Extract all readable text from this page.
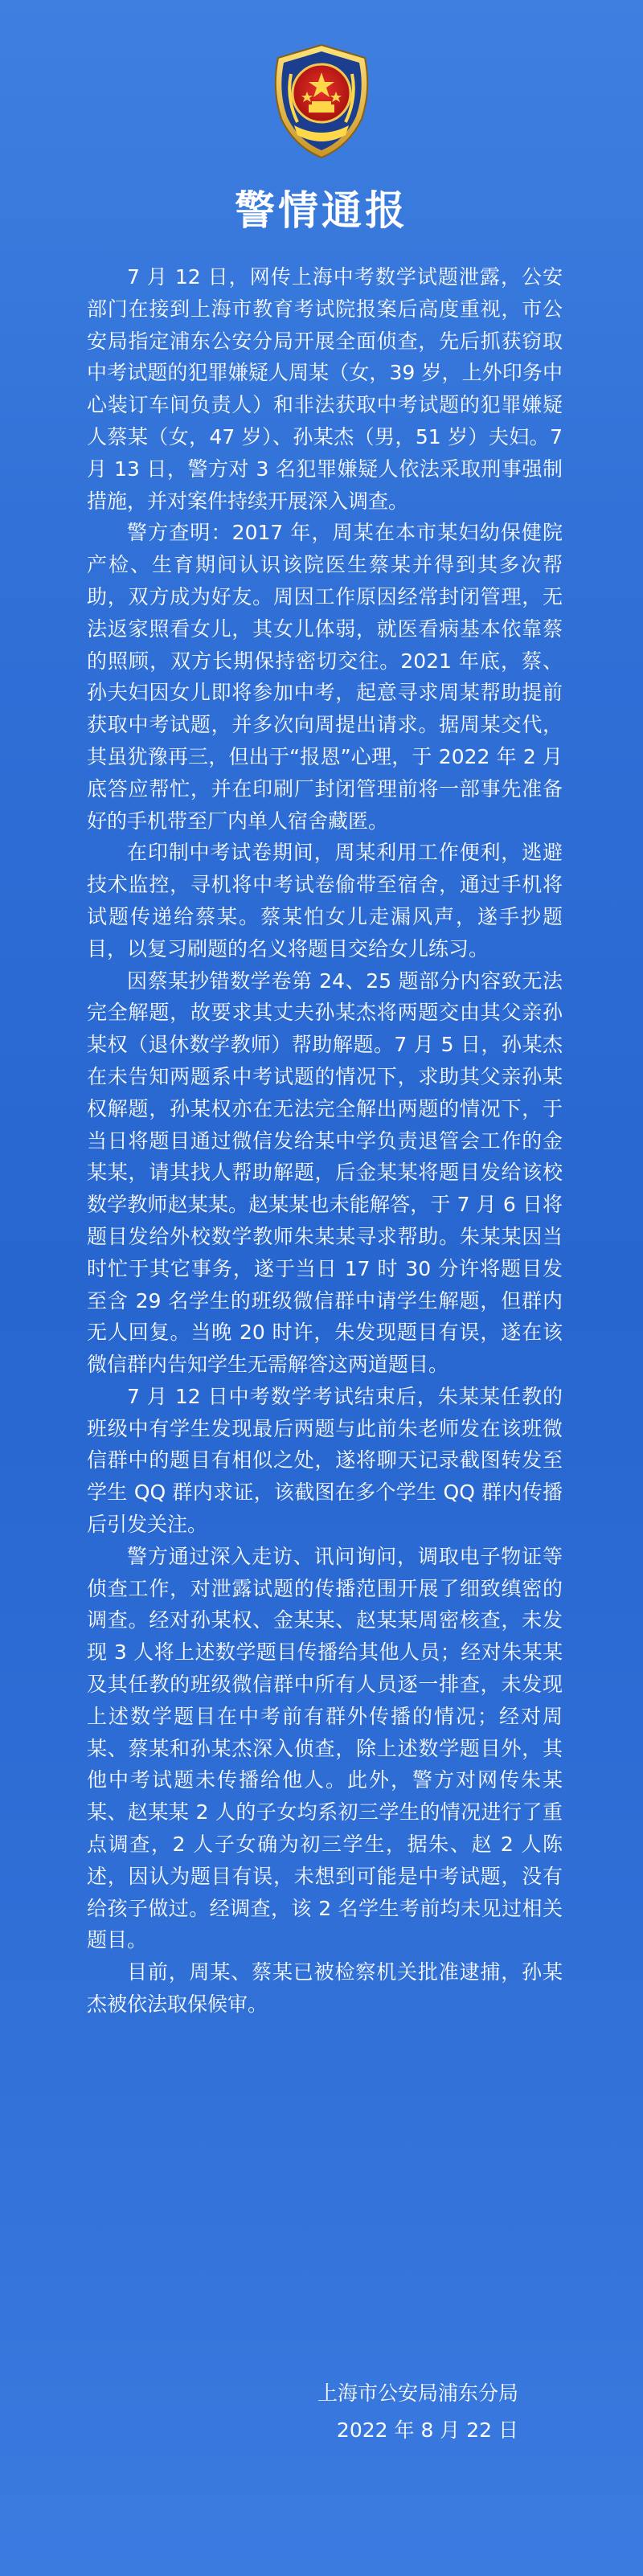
警情通报

7 月 12 日，网传上海中考数学试题泄露，公安部门在接到上海市教育考试院报案后高度重视，市公安局指定浦东公安分局开展全面侦查，先后抓获窃取中考试题的犯罪嫌疑人周某（女，39 岁，上外印务中心装订车间负责人）和非法获取中考试题的犯罪嫌疑人蔡某（女，47 岁）、孙某杰（男，51 岁）夫妇。7 月 13 日，警方对 3 名犯罪嫌疑人依法采取刑事强制措施，并对案件持续开展深入调查。

警方查明：2017 年，周某在本市某妇幼保健院产检、生育期间认识该院医生蔡某并得到其多次帮助，双方成为好友。周因工作原因经常封闭管理，无法返家照看女儿，其女儿体弱，就医看病基本依靠蔡的照顾，双方长期保持密切交往。2021 年底，蔡、孙夫妇因女儿即将参加中考，起意寻求周某帮助提前获取中考试题，并多次向周提出请求。据周某交代，其虽犹豫再三，但出于“报恩”心理，于 2022 年 2 月底答应帮忙，并在印刷厂封闭管理前将一部事先准备好的手机带至厂内单人宿舍藏匿。

在印制中考试卷期间，周某利用工作便利，逃避技术监控，寻机将中考试卷偷带至宿舍，通过手机将试题传递给蔡某。蔡某怕女儿走漏风声，遂手抄题目，以复习刷题的名义将题目交给女儿练习。

因蔡某抄错数学卷第 24、25 题部分内容致无法完全解题，故要求其丈夫孙某杰将两题交由其父亲孙某权（退休数学教师）帮助解题。7 月 5 日，孙某杰在未告知两题系中考试题的情况下，求助其父亲孙某权解题，孙某权亦在无法完全解出两题的情况下，于当日将题目通过微信发给某中学负责退管会工作的金某某，请其找人帮助解题，后金某某将题目发给该校数学教师赵某某。赵某某也未能解答，于 7 月 6 日将题目发给外校数学教师朱某某寻求帮助。朱某某因当时忙于其它事务，遂于当日 17 时 30 分许将题目发至含 29 名学生的班级微信群中请学生解题，但群内无人回复。当晚 20 时许，朱发现题目有误，遂在该微信群内告知学生无需解答这两道题目。

7 月 12 日中考数学考试结束后，朱某某任教的班级中有学生发现最后两题与此前朱老师发在该班微信群中的题目有相似之处，遂将聊天记录截图转发至学生 QQ 群内求证，该截图在多个学生 QQ 群内传播后引发关注。

警方通过深入走访、讯问询问，调取电子物证等侦查工作，对泄露试题的传播范围开展了细致缜密的调查。经对孙某权、金某某、赵某某周密核查，未发现 3 人将上述数学题目传播给其他人员；经对朱某某及其任教的班级微信群中所有人员逐一排查，未发现上述数学题目在中考前有群外传播的情况；经对周某、蔡某和孙某杰深入侦查，除上述数学题目外，其他中考试题未传播给他人。此外，警方对网传朱某某、赵某某 2 人的子女均系初三学生的情况进行了重点调查，2 人子女确为初三学生，据朱、赵 2 人陈述，因认为题目有误，未想到可能是中考试题，没有给孩子做过。经调查，该 2 名学生考前均未见过相关题目。

目前，周某、蔡某已被检察机关批准逮捕，孙某杰被依法取保候审。

上海市公安局浦东分局
2022 年 8 月 22 日
